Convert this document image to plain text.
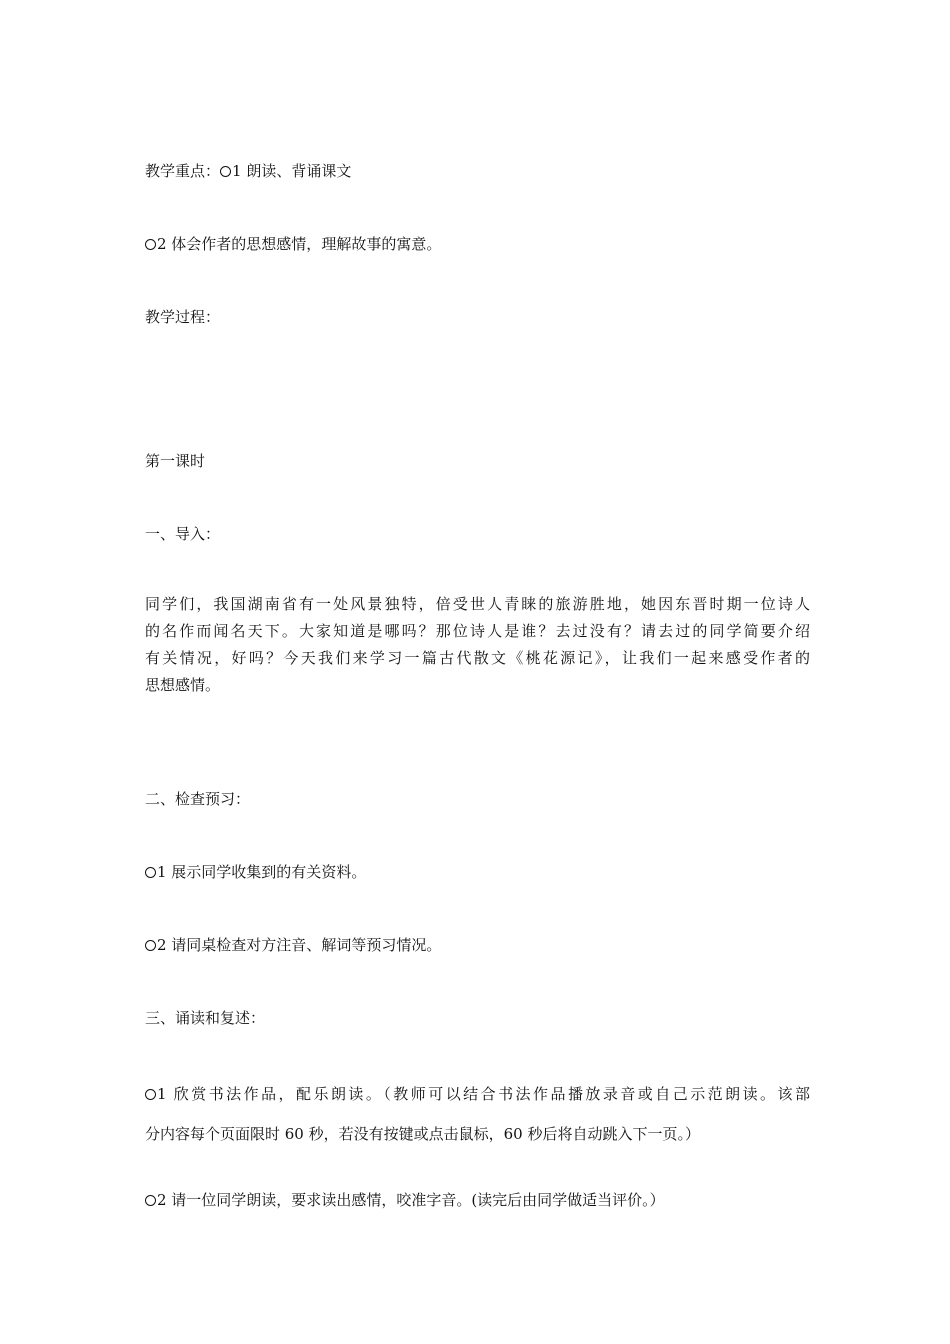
教学重点： 1 朗读、背诵课文

2 体会作者的思想感情，理解故事的寓意。

教学过程：

第一课时

一、导入：

同学们，我国湖南省有一处风景独特，倍受世人青睐的旅游胜地，她因东晋时期一位诗人
的名作而闻名天下。大家知道是哪吗？那位诗人是谁？去过没有？请去过的同学简要介绍
有关情况，好吗？今天我们来学习一篇古代散文《桃花源记》，让我们一起来感受作者的
思想感情。

二、检查预习：

1 展示同学收集到的有关资料。

2 请同桌检查对方注音、解词等预习情况。

三、诵读和复述：

1 欣赏书法作品，配乐朗读。（教师可以结合书法作品播放录音或自己示范朗读。该部
分内容每个页面限时 60 秒，若没有按键或点击鼠标，60 秒后将自动跳入下一页。）

2 请一位同学朗读，要求读出感情，咬准字音。(读完后由同学做适当评价。）
